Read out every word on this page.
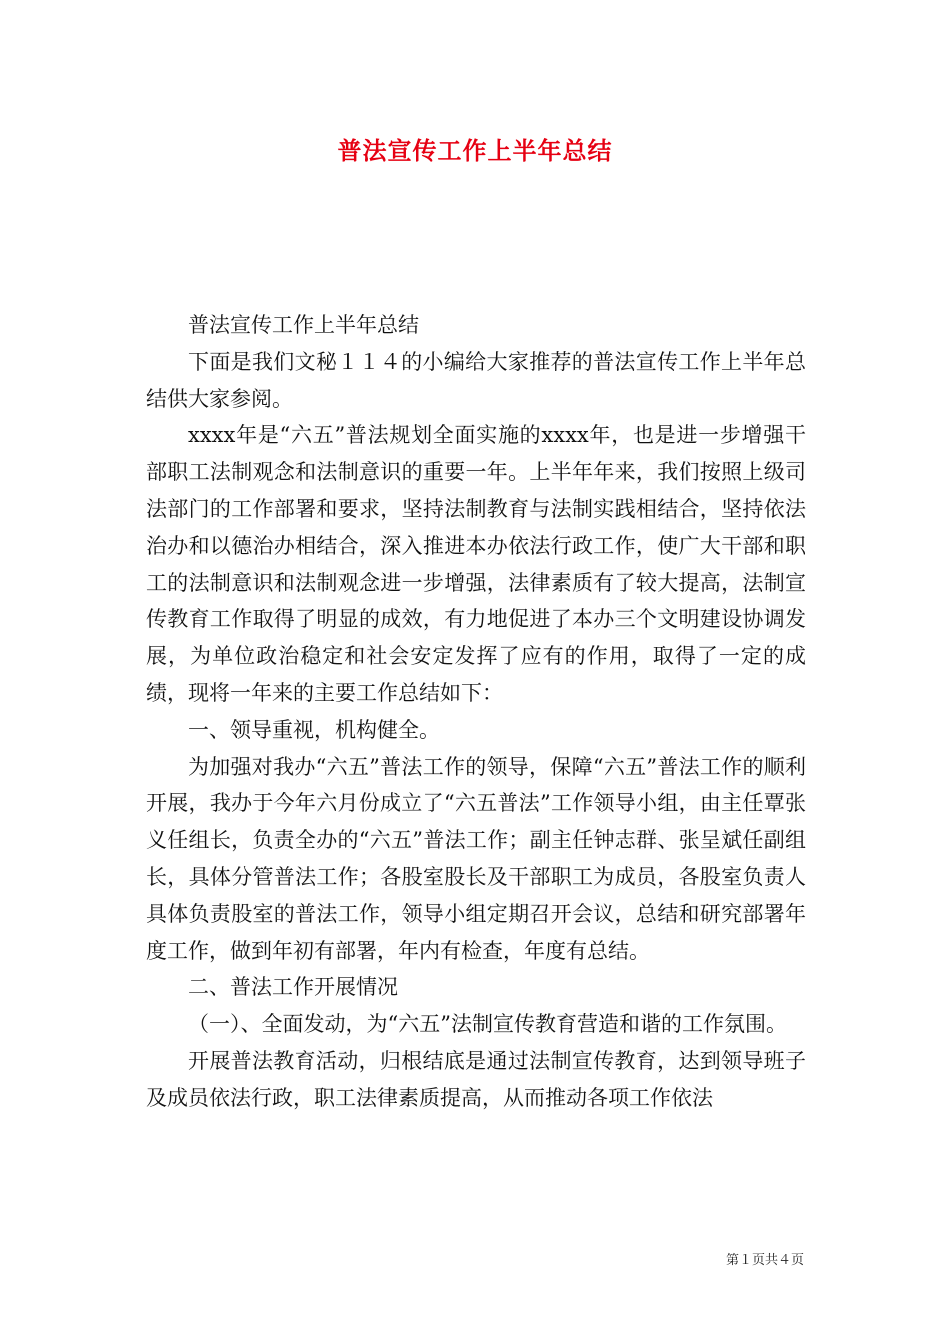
普法宣传工作上半年总结

普法宣传工作上半年总结

下面是我们文秘１１４的小编给大家推荐的普法宣传工作上半年总结供大家参阅。

xxxx年是“六五”普法规划全面实施的xxxx年，也是进一步增强干部职工法制观念和法制意识的重要一年。上半年年来，我们按照上级司法部门的工作部署和要求，坚持法制教育与法制实践相结合，坚持依法治办和以德治办相结合，深入推进本办依法行政工作，使广大干部和职工的法制意识和法制观念进一步增强，法律素质有了较大提高，法制宣传教育工作取得了明显的成效，有力地促进了本办三个文明建设协调发展，为单位政治稳定和社会安定发挥了应有的作用，取得了一定的成绩，现将一年来的主要工作总结如下：

一、领导重视，机构健全。

为加强对我办“六五”普法工作的领导，保障“六五”普法工作的顺利开展，我办于今年六月份成立了“六五普法”工作领导小组，由主任覃张义任组长，负责全办的“六五”普法工作；副主任钟志群、张呈斌任副组长，具体分管普法工作；各股室股长及干部职工为成员，各股室负责人具体负责股室的普法工作，领导小组定期召开会议，总结和研究部署年度工作，做到年初有部署，年内有检查，年度有总结。

二、普法工作开展情况

（一）、全面发动，为“六五”法制宣传教育营造和谐的工作氛围。

开展普法教育活动，归根结底是通过法制宣传教育，达到领导班子及成员依法行政，职工法律素质提高，从而推动各项工作依法

第１页共４页
